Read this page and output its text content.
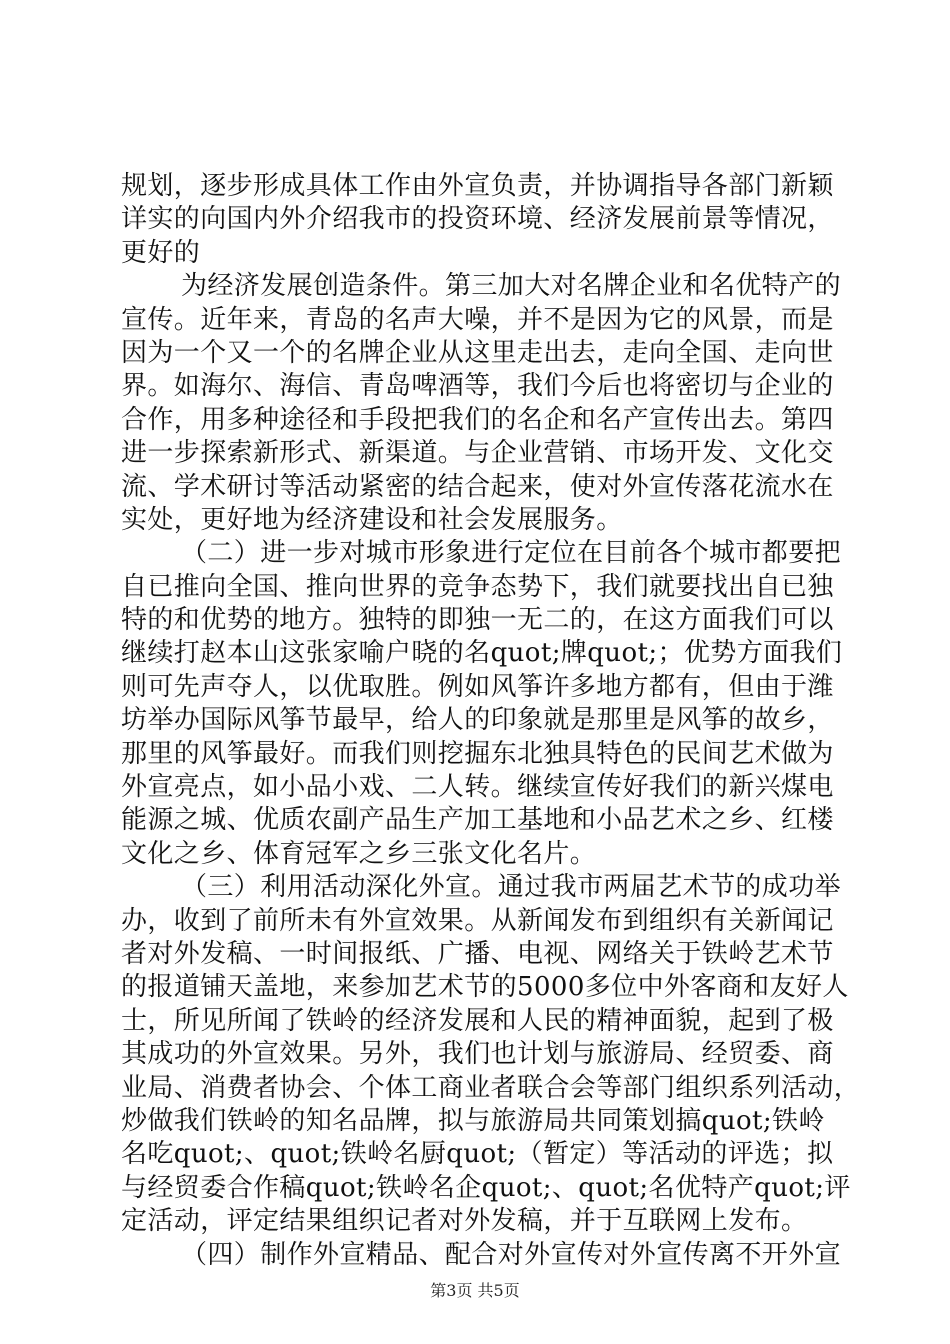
规划，逐步形成具体工作由外宣负责，并协调指导各部门新颖
详实的向国内外介绍我市的投资环境、经济发展前景等情况，
更好的
为经济发展创造条件。第三加大对名牌企业和名优特产的
宣传。近年来，青岛的名声大噪，并不是因为它的风景，而是
因为一个又一个的名牌企业从这里走出去，走向全国、走向世
界。如海尔、海信、青岛啤酒等，我们今后也将密切与企业的
合作，用多种途径和手段把我们的名企和名产宣传出去。第四
进一步探索新形式、新渠道。与企业营销、市场开发、文化交
流、学术研讨等活动紧密的结合起来，使对外宣传落花流水在
实处，更好地为经济建设和社会发展服务。
（二）进一步对城市形象进行定位在目前各个城市都要把
自已推向全国、推向世界的竞争态势下，我们就要找出自已独
特的和优势的地方。独特的即独一无二的，在这方面我们可以
继续打赵本山这张家喻户晓的名quot;牌quot;；优势方面我们
则可先声夺人，以优取胜。例如风筝许多地方都有，但由于潍
坊举办国际风筝节最早，给人的印象就是那里是风筝的故乡，
那里的风筝最好。而我们则挖掘东北独具特色的民间艺术做为
外宣亮点，如小品小戏、二人转。继续宣传好我们的新兴煤电
能源之城、优质农副产品生产加工基地和小品艺术之乡、红楼
文化之乡、体育冠军之乡三张文化名片。
（三）利用活动深化外宣。通过我市两届艺术节的成功举
办，收到了前所未有外宣效果。从新闻发布到组织有关新闻记
者对外发稿、一时间报纸、广播、电视、网络关于铁岭艺术节
的报道铺天盖地，来参加艺术节的5000多位中外客商和友好人
士，所见所闻了铁岭的经济发展和人民的精神面貌，起到了极
其成功的外宣效果。另外，我们也计划与旅游局、经贸委、商
业局、消费者协会、个体工商业者联合会等部门组织系列活动，
炒做我们铁岭的知名品牌，拟与旅游局共同策划搞quot;铁岭
名吃quot;、quot;铁岭名厨quot;（暂定）等活动的评选；拟
与经贸委合作稿quot;铁岭名企quot;、quot;名优特产quot;评
定活动，评定结果组织记者对外发稿，并于互联网上发布。
（四）制作外宣精品、配合对外宣传对外宣传离不开外宣
第3页 共5页
